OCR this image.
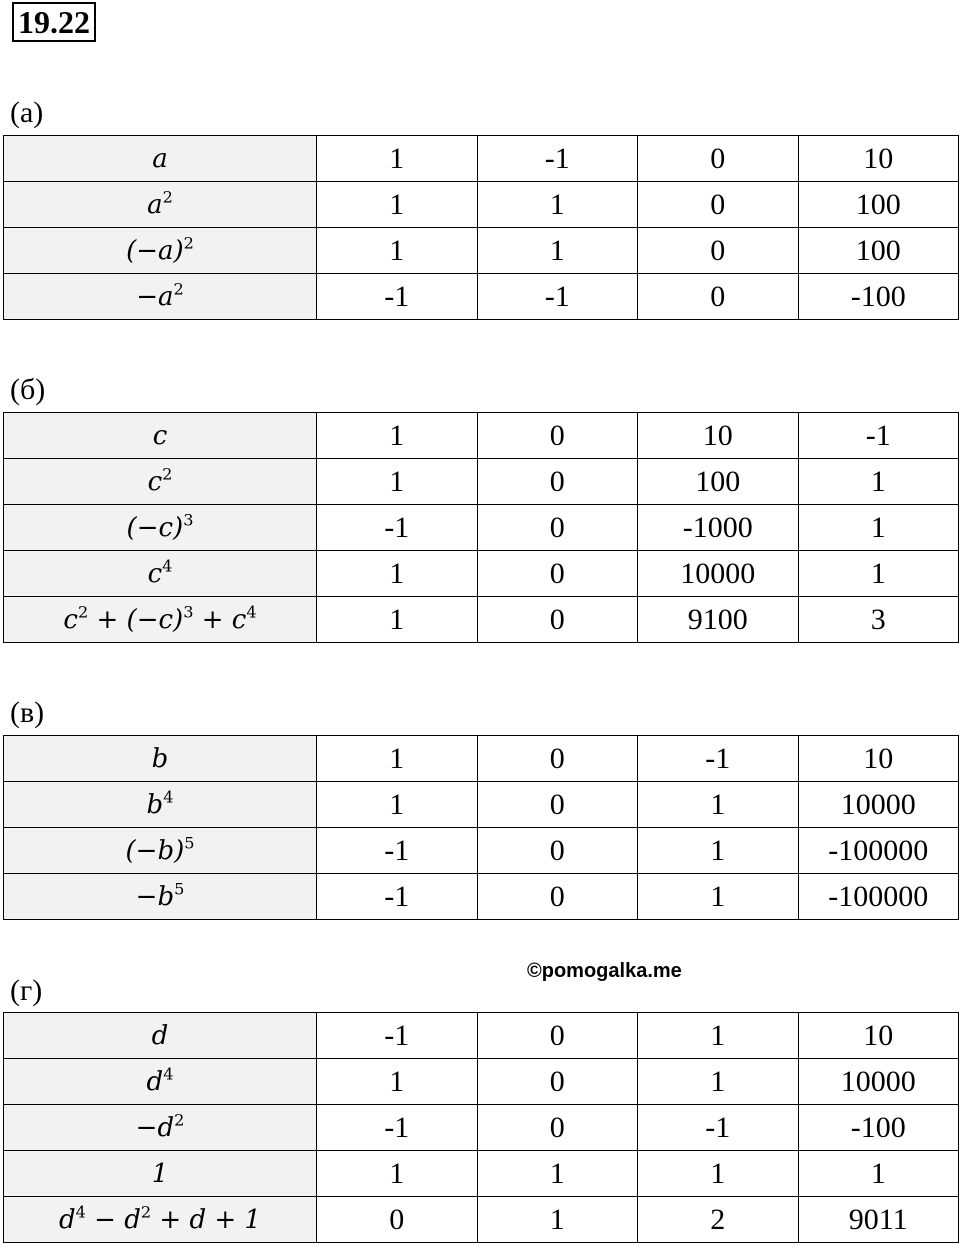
19.22
(а)
a	1	-1	0	10
$a^2$	1	1	0	100
$(-a)^2$	1	1	0	100
$-a^2$	-1	-1	0	-100
(б)
c	1	0	10	-1
$c^2$	1	0	100	1
$(-c)^3$	-1	0	-1000	1
$c^4$	1	0	10000	1
$c^2 + (-c)^3 + c^4$	1	0	9100	3
(в)
b	1	0	-1	10
$b^4$	1	0	1	10000
$(-b)^5$	-1	0	1	-100000
$-b^5$	-1	0	1	-100000
©pomogalka.me
(г)
d	-1	0	1	10
$d^4$	1	0	1	10000
$-d^2$	-1	0	-1	-100
1	1	1	1	1
$d^4 - d^2 + d + 1$	0	1	2	9011
